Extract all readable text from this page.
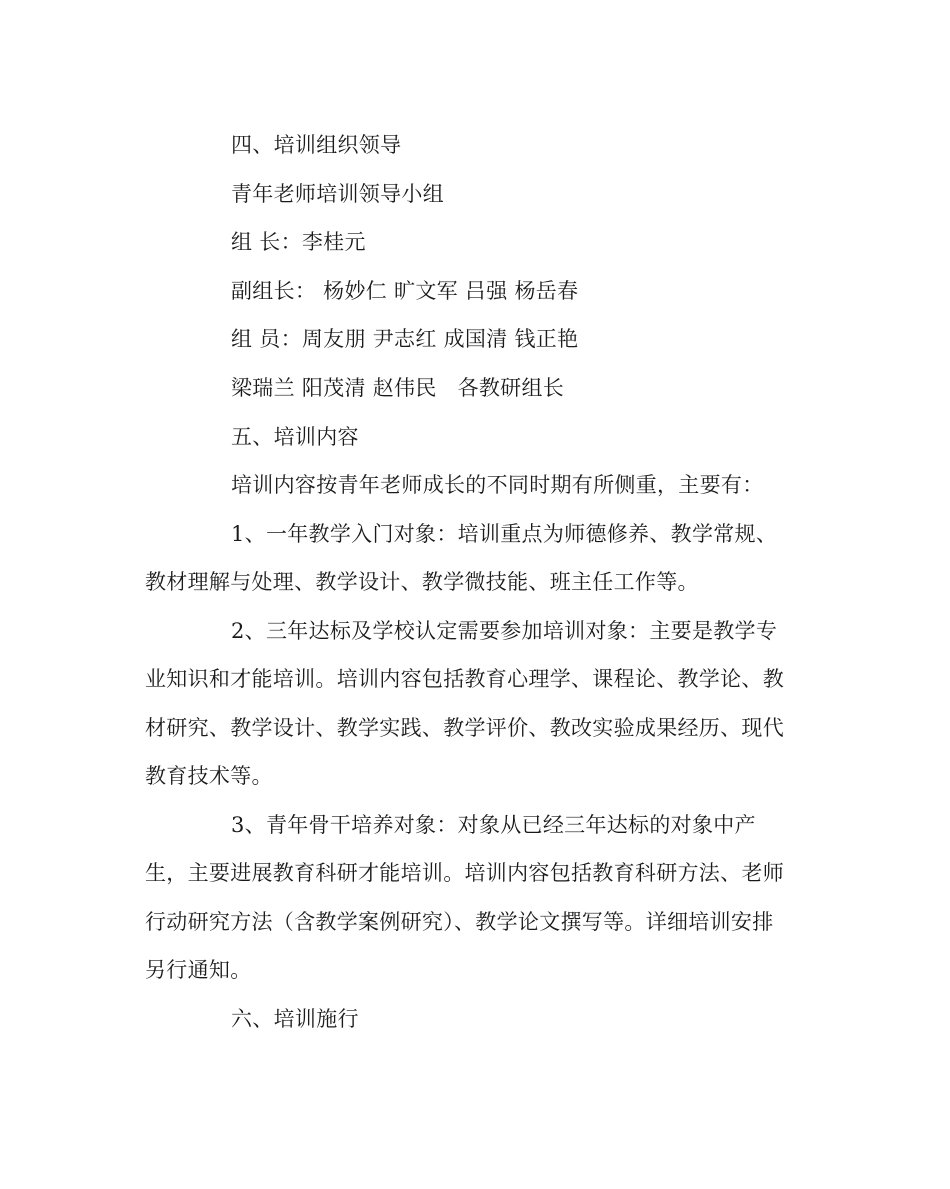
四、培训组织领导
青年老师培训领导小组
组 长：李桂元
副组长： 杨妙仁 旷文军 吕强 杨岳春
组 员：周友朋 尹志红 成国清 钱正艳
梁瑞兰 阳茂清 赵伟民   各教研组长
五、培训内容
培训内容按青年老师成长的不同时期有所侧重，主要有：
1、一年教学入门对象：培训重点为师德修养、教学常规、
教材理解与处理、教学设计、教学微技能、班主任工作等。
2、三年达标及学校认定需要参加培训对象：主要是教学专
业知识和才能培训。培训内容包括教育心理学、课程论、教学论、教
材研究、教学设计、教学实践、教学评价、教改实验成果经历、现代
教育技术等。
3、青年骨干培养对象：对象从已经三年达标的对象中产
生，主要进展教育科研才能培训。培训内容包括教育科研方法、老师
行动研究方法（含教学案例研究）、教学论文撰写等。详细培训安排
另行通知。
六、培训施行
